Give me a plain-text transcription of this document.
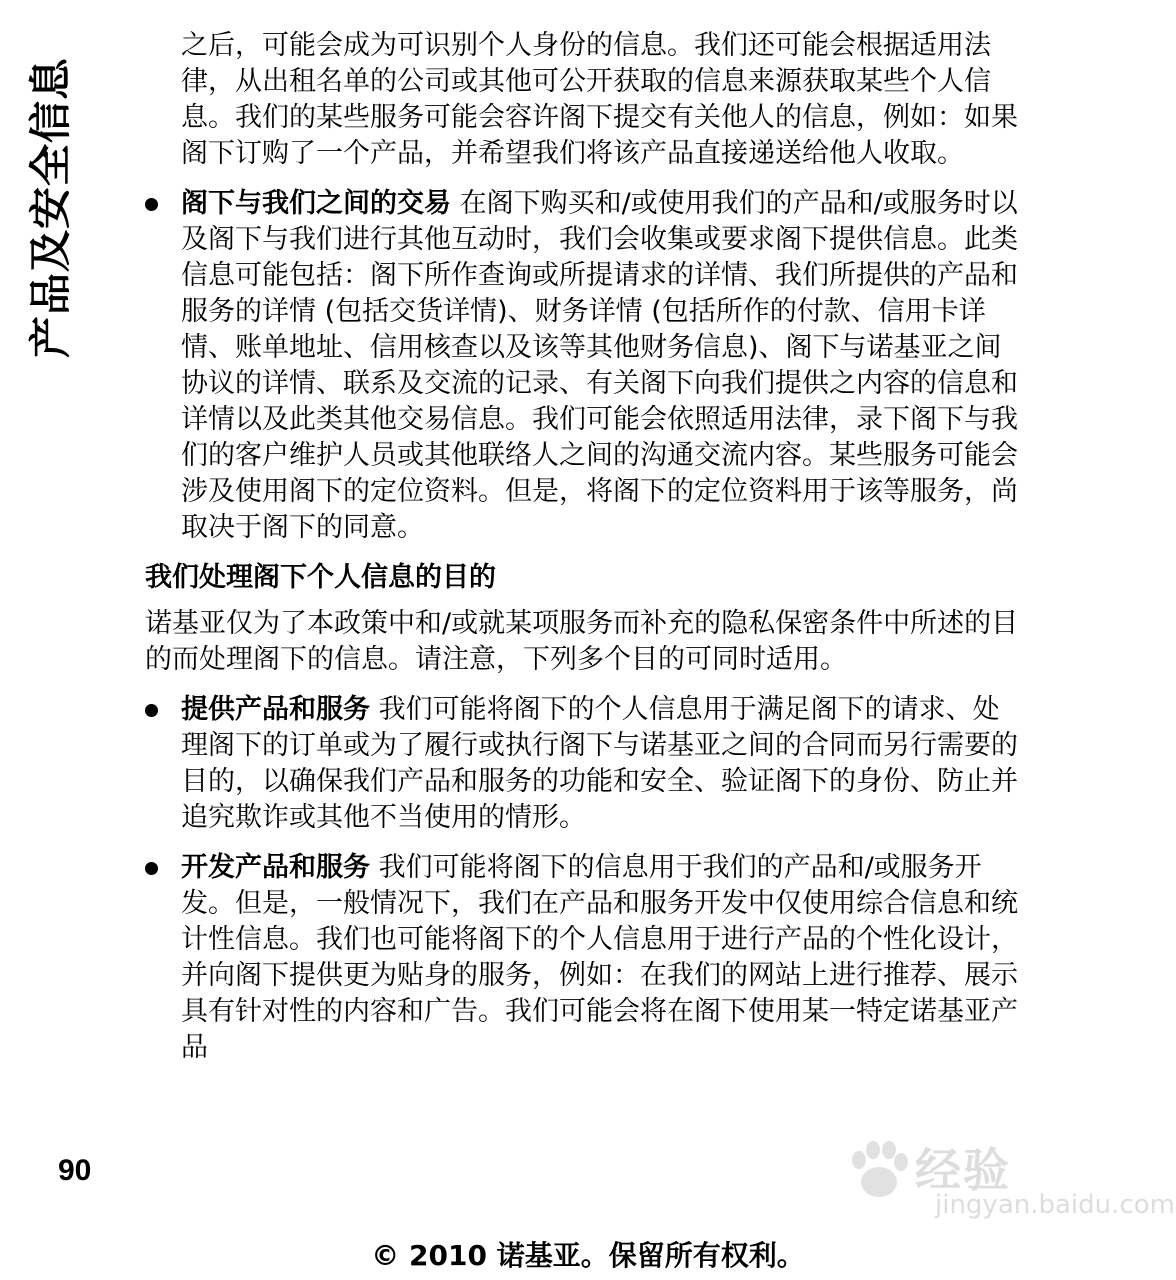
产品及安全信息
之后，可能会成为可识别个人身份的信息。我们还可能会根据适用法律，从出租名单的公司或其他可公开获取的信息来源获取某些个人信息。我们的某些服务可能会容许阁下提交有关他人的信息，例如：如果阁下订购了一个产品，并希望我们将该产品直接递送给他人收取。
阁下与我们之间的交易 在阁下购买和/或使用我们的产品和/或服务时以及阁下与我们进行其他互动时，我们会收集或要求阁下提供信息。此类信息可能包括：阁下所作查询或所提请求的详情、我们所提供的产品和服务的详情 (包括交货详情)、财务详情 (包括所作的付款、信用卡详情、账单地址、信用核查以及该等其他财务信息)、阁下与诺基亚之间协议的详情、联系及交流的记录、有关阁下向我们提供之内容的信息和详情以及此类其他交易信息。我们可能会依照适用法律，录下阁下与我们的客户维护人员或其他联络人之间的沟通交流内容。某些服务可能会涉及使用阁下的定位资料。但是，将阁下的定位资料用于该等服务，尚取决于阁下的同意。
我们处理阁下个人信息的目的
诺基亚仅为了本政策中和/或就某项服务而补充的隐私保密条件中所述的目的而处理阁下的信息。请注意，下列多个目的可同时适用。
提供产品和服务 我们可能将阁下的个人信息用于满足阁下的请求、处理阁下的订单或为了履行或执行阁下与诺基亚之间的合同而另行需要的目的，以确保我们产品和服务的功能和安全、验证阁下的身份、防止并追究欺诈或其他不当使用的情形。
开发产品和服务 我们可能将阁下的信息用于我们的产品和/或服务开发。但是，一般情况下，我们在产品和服务开发中仅使用综合信息和统计性信息。我们也可能将阁下的个人信息用于进行产品的个性化设计，并向阁下提供更为贴身的服务，例如：在我们的网站上进行推荐、展示具有针对性的内容和广告。我们可能会将在阁下使用某一特定诺基亚产品
90	经验
jingyan.baidu.com
© 2010 诺基亚。保留所有权利。
